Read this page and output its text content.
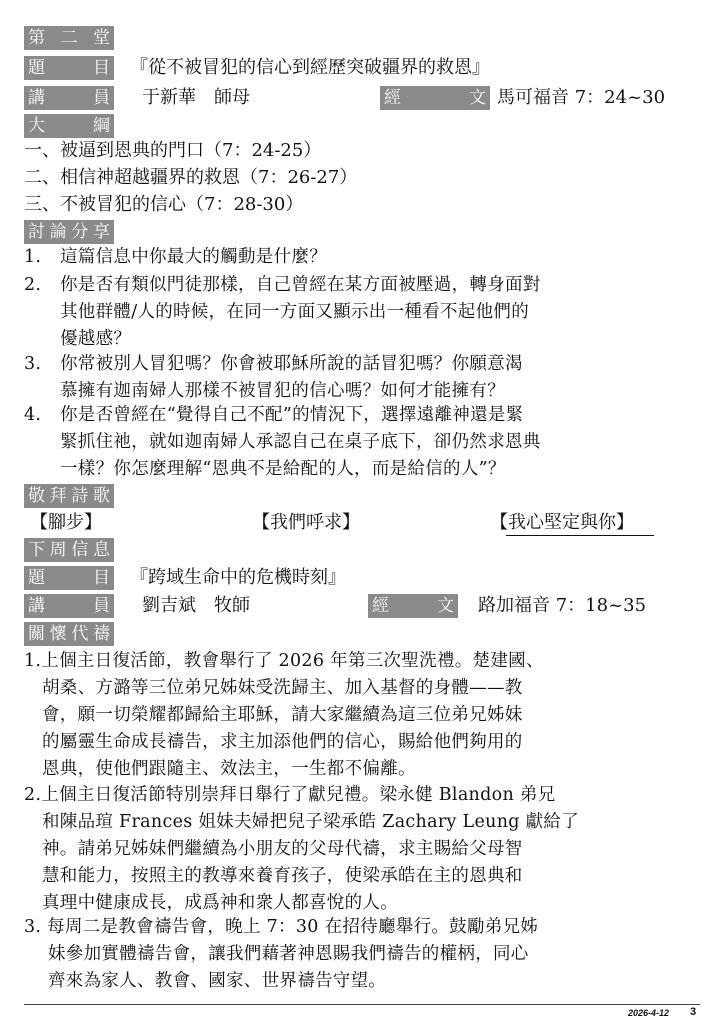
第 二 堂
題　目 『從不被冒犯的信心到經歷突破疆界的救恩』
講　員 于新華　師母	經　文 馬可福音 7：24~30
大　綱
一、被逼到恩典的門口（7：24-25）
二、相信神超越疆界的救恩（7：26-27）
三、不被冒犯的信心（7：28-30）
討論分享
1. 這篇信息中你最大的觸動是什麼？
2. 你是否有類似門徒那樣，自己曾經在某方面被壓過，轉身面對
其他群體/人的時候，在同一方面又顯示出一種看不起他們的
優越感？
3. 你常被別人冒犯嗎？你會被耶穌所說的話冒犯嗎？你願意渴
慕擁有迦南婦人那樣不被冒犯的信心嗎？如何才能擁有？
4. 你是否曾經在“覺得自己不配”的情況下，選擇遠離神還是緊
緊抓住祂，就如迦南婦人承認自己在桌子底下，卻仍然求恩典
一樣？你怎麼理解“恩典不是給配的人，而是給信的人”？
敬拜詩歌
【腳步】	【我們呼求】	【我心堅定與你】
下周信息
題　目 『跨域生命中的危機時刻』
講　員 劉吉斌　牧師	經　文 路加福音 7：18~35
關懷代禱
1.上個主日復活節，教會舉行了 2026 年第三次聖洗禮。楚建國、
胡桑、方潞等三位弟兄姊妹受洗歸主、加入基督的身體——教
會，願一切榮耀都歸給主耶穌，請大家繼續為這三位弟兄姊妹
的屬靈生命成長禱告，求主加添他們的信心，賜給他們夠用的
恩典，使他們跟隨主、效法主，一生都不偏離。
2.上個主日復活節特別崇拜日舉行了獻兒禮。梁永健 Blandon 弟兄
和陳品瑄 Frances 姐妹夫婦把兒子梁承皓 Zachary Leung 獻給了
神。請弟兄姊妹們繼續為小朋友的父母代禱，求主賜給父母智
慧和能力，按照主的教導來養育孩子，使梁承皓在主的恩典和
真理中健康成長，成爲神和衆人都喜悅的人。
3. 每周二是教會禱告會，晚上 7：30 在招待廳舉行。鼓勵弟兄姊
妹參加實體禱告會，讓我們藉著神恩賜我們禱告的權柄，同心
齊來為家人、教會、國家、世界禱告守望。
2026-4-12 3
